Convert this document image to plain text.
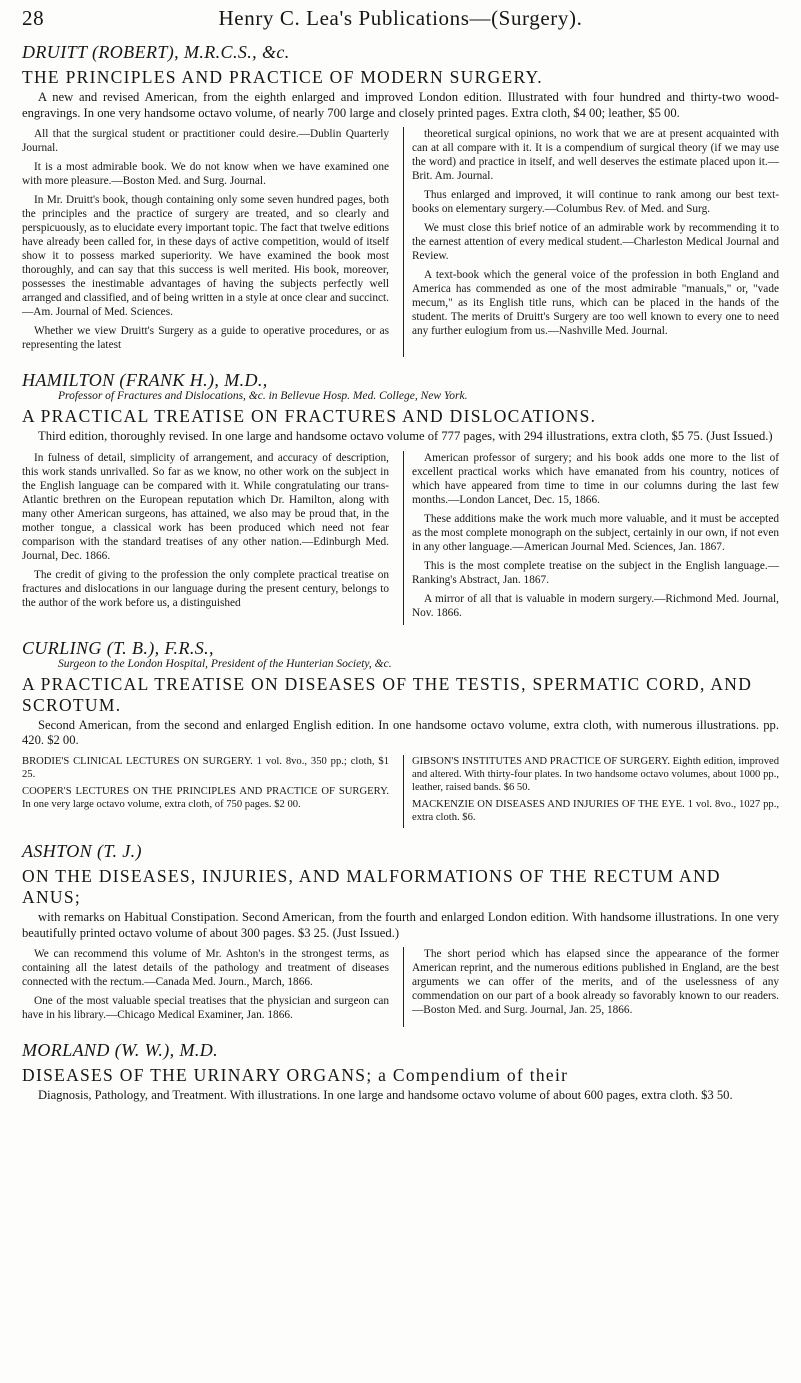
28	Henry C. Lea's Publications—(Surgery).

DRUITT (ROBERT), M.R.C.S., &c.

THE PRINCIPLES AND PRACTICE OF MODERN SURGERY.

A new and revised American, from the eighth enlarged and improved London edition. Illustrated with four hundred and thirty-two wood-engravings. In one very handsome octavo volume, of nearly 700 large and closely printed pages. Extra cloth, $4 00; leather, $5 00.

All that the surgical student or practitioner could desire.—Dublin Quarterly Journal.

It is a most admirable book. We do not know when we have examined one with more pleasure.—Boston Med. and Surg. Journal.

In Mr. Druitt's book, though containing only some seven hundred pages, both the principles and the practice of surgery are treated, and so clearly and perspicuously, as to elucidate every important topic. The fact that twelve editions have already been called for, in these days of active competition, would of itself show it to possess marked superiority. We have examined the book most thoroughly, and can say that this success is well merited. His book, moreover, possesses the inestimable advantages of having the subjects perfectly well arranged and classified, and of being written in a style at once clear and succinct.—Am. Journal of Med. Sciences.

Whether we view Druitt's Surgery as a guide to operative procedures, or as representing the latest

theoretical surgical opinions, no work that we are at present acquainted with can at all compare with it. It is a compendium of surgical theory (if we may use the word) and practice in itself, and well deserves the estimate placed upon it.—Brit. Am. Journal.

Thus enlarged and improved, it will continue to rank among our best text-books on elementary surgery.—Columbus Rev. of Med. and Surg.

We must close this brief notice of an admirable work by recommending it to the earnest attention of every medical student.—Charleston Medical Journal and Review.

A text-book which the general voice of the profession in both England and America has commended as one of the most admirable "manuals," or, "vade mecum," as its English title runs, which can be placed in the hands of the student. The merits of Druitt's Surgery are too well known to every one to need any further eulogium from us.—Nashville Med. Journal.

HAMILTON (FRANK H.), M.D.,

Professor of Fractures and Dislocations, &c. in Bellevue Hosp. Med. College, New York.

A PRACTICAL TREATISE ON FRACTURES AND DISLOCATIONS.

Third edition, thoroughly revised. In one large and handsome octavo volume of 777 pages, with 294 illustrations, extra cloth, $5 75. (Just Issued.)

In fulness of detail, simplicity of arrangement, and accuracy of description, this work stands unrivalled. So far as we know, no other work on the subject in the English language can be compared with it. While congratulating our trans-Atlantic brethren on the European reputation which Dr. Hamilton, along with many other American surgeons, has attained, we also may be proud that, in the mother tongue, a classical work has been produced which need not fear comparison with the standard treatises of any other nation.—Edinburgh Med. Journal, Dec. 1866.

The credit of giving to the profession the only complete practical treatise on fractures and dislocations in our language during the present century, belongs to the author of the work before us, a distinguished

American professor of surgery; and his book adds one more to the list of excellent practical works which have emanated from his country, notices of which have appeared from time to time in our columns during the last few months.—London Lancet, Dec. 15, 1866.

These additions make the work much more valuable, and it must be accepted as the most complete monograph on the subject, certainly in our own, if not even in any other language.—American Journal Med. Sciences, Jan. 1867.

This is the most complete treatise on the subject in the English language.—Ranking's Abstract, Jan. 1867.

A mirror of all that is valuable in modern surgery.—Richmond Med. Journal, Nov. 1866.

CURLING (T. B.), F.R.S.,

Surgeon to the London Hospital, President of the Hunterian Society, &c.

A PRACTICAL TREATISE ON DISEASES OF THE TESTIS, SPERMATIC CORD, AND SCROTUM.

Second American, from the second and enlarged English edition. In one handsome octavo volume, extra cloth, with numerous illustrations. pp. 420. $2 00.

BRODIE'S CLINICAL LECTURES ON SURGERY. 1 vol. 8vo., 350 pp.; cloth, $1 25.

COOPER'S LECTURES ON THE PRINCIPLES AND PRACTICE OF SURGERY. In one very large octavo volume, extra cloth, of 750 pages. $2 00.

GIBSON'S INSTITUTES AND PRACTICE OF SURGERY. Eighth edition, improved and altered. With thirty-four plates. In two handsome octavo volumes, about 1000 pp., leather, raised bands. $6 50.

MACKENZIE ON DISEASES AND INJURIES OF THE EYE. 1 vol. 8vo., 1027 pp., extra cloth. $6.

ASHTON (T. J.)

ON THE DISEASES, INJURIES, AND MALFORMATIONS OF THE RECTUM AND ANUS;

with remarks on Habitual Constipation. Second American, from the fourth and enlarged London edition. With handsome illustrations. In one very beautifully printed octavo volume of about 300 pages. $3 25. (Just Issued.)

We can recommend this volume of Mr. Ashton's in the strongest terms, as containing all the latest details of the pathology and treatment of diseases connected with the rectum.—Canada Med. Journ., March, 1866.

One of the most valuable special treatises that the physician and surgeon can have in his library.—Chicago Medical Examiner, Jan. 1866.

The short period which has elapsed since the appearance of the former American reprint, and the numerous editions published in England, are the best arguments we can offer of the merits, and of the uselessness of any commendation on our part of a book already so favorably known to our readers.—Boston Med. and Surg. Journal, Jan. 25, 1866.

MORLAND (W. W.), M.D.

DISEASES OF THE URINARY ORGANS; a Compendium of their

Diagnosis, Pathology, and Treatment. With illustrations. In one large and handsome octavo volume of about 600 pages, extra cloth. $3 50.
